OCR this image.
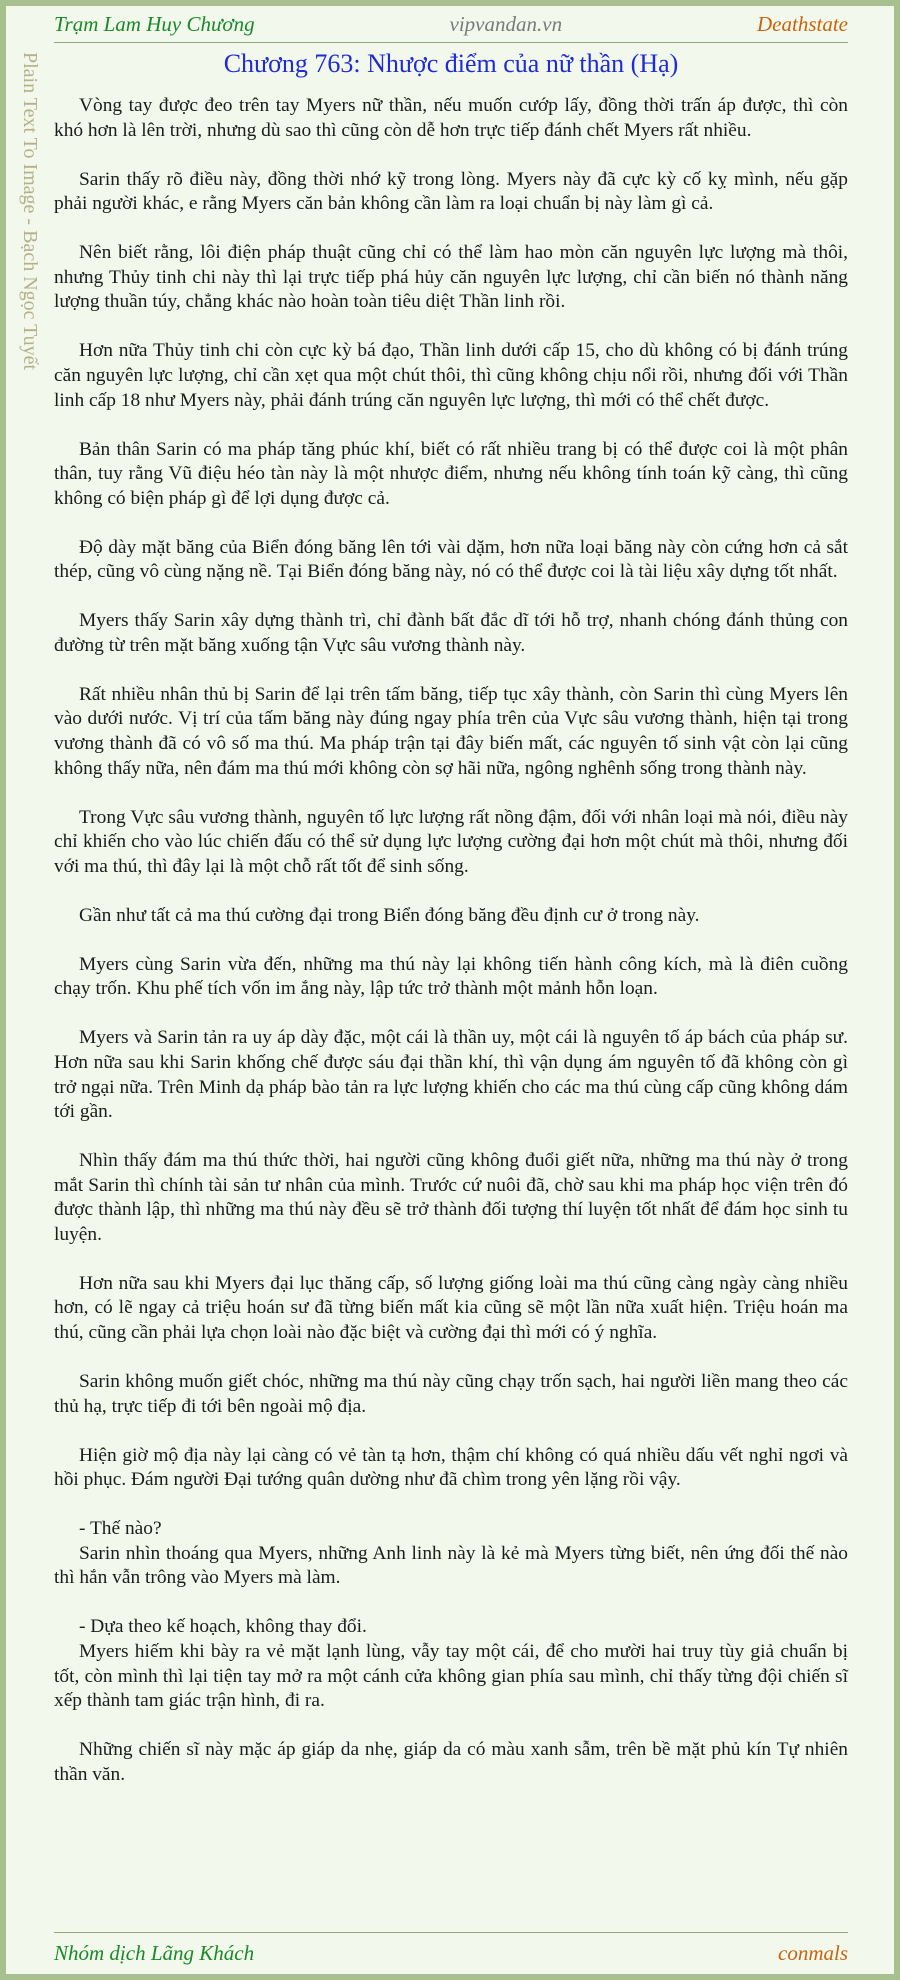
Plain Text To Image - Bạch Ngọc Tuyết
Trạm Lam Huy Chương	vipvandan.vn	Deathstate
Chương 763: Nhược điểm của nữ thần (Hạ)

Vòng tay được đeo trên tay Myers nữ thần, nếu muốn cướp lấy, đồng thời trấn áp được, thì còn khó hơn là lên trời, nhưng dù sao thì cũng còn dễ hơn trực tiếp đánh chết Myers rất nhiều.

Sarin thấy rõ điều này, đồng thời nhớ kỹ trong lòng. Myers này đã cực kỳ cố kỵ mình, nếu gặp phải người khác, e rằng Myers căn bản không cần làm ra loại chuẩn bị này làm gì cả.

Nên biết rằng, lôi điện pháp thuật cũng chỉ có thể làm hao mòn căn nguyên lực lượng mà thôi, nhưng Thủy tinh chi này thì lại trực tiếp phá hủy căn nguyên lực lượng, chỉ cần biến nó thành năng lượng thuần túy, chẳng khác nào hoàn toàn tiêu diệt Thần linh rồi.

Hơn nữa Thủy tinh chi còn cực kỳ bá đạo, Thần linh dưới cấp 15, cho dù không có bị đánh trúng căn nguyên lực lượng, chỉ cần xẹt qua một chút thôi, thì cũng không chịu nổi rồi, nhưng đối với Thần linh cấp 18 như Myers này, phải đánh trúng căn nguyên lực lượng, thì mới có thể chết được.

Bản thân Sarin có ma pháp tăng phúc khí, biết có rất nhiều trang bị có thể được coi là một phân thân, tuy rằng Vũ điệu héo tàn này là một nhược điểm, nhưng nếu không tính toán kỹ càng, thì cũng không có biện pháp gì để lợi dụng được cả.

Độ dày mặt băng của Biển đóng băng lên tới vài dặm, hơn nữa loại băng này còn cứng hơn cả sắt thép, cũng vô cùng nặng nề. Tại Biển đóng băng này, nó có thể được coi là tài liệu xây dựng tốt nhất.

Myers thấy Sarin xây dựng thành trì, chỉ đành bất đắc dĩ tới hỗ trợ, nhanh chóng đánh thủng con đường từ trên mặt băng xuống tận Vực sâu vương thành này.

Rất nhiều nhân thủ bị Sarin để lại trên tấm băng, tiếp tục xây thành, còn Sarin thì cùng Myers lên vào dưới nước. Vị trí của tấm băng này đúng ngay phía trên của Vực sâu vương thành, hiện tại trong vương thành đã có vô số ma thú. Ma pháp trận tại đây biến mất, các nguyên tố sinh vật còn lại cũng không thấy nữa, nên đám ma thú mới không còn sợ hãi nữa, ngông nghênh sống trong thành này.

Trong Vực sâu vương thành, nguyên tố lực lượng rất nồng đậm, đối với nhân loại mà nói, điều này chỉ khiến cho vào lúc chiến đấu có thể sử dụng lực lượng cường đại hơn một chút mà thôi, nhưng đối với ma thú, thì đây lại là một chỗ rất tốt để sinh sống.

Gần như tất cả ma thú cường đại trong Biển đóng băng đều định cư ở trong này.

Myers cùng Sarin vừa đến, những ma thú này lại không tiến hành công kích, mà là điên cuồng chạy trốn. Khu phế tích vốn im ắng này, lập tức trở thành một mảnh hỗn loạn.

Myers và Sarin tản ra uy áp dày đặc, một cái là thần uy, một cái là nguyên tố áp bách của pháp sư. Hơn nữa sau khi Sarin khống chế được sáu đại thần khí, thì vận dụng ám nguyên tố đã không còn gì trở ngại nữa. Trên Minh dạ pháp bào tản ra lực lượng khiến cho các ma thú cùng cấp cũng không dám tới gần.

Nhìn thấy đám ma thú thức thời, hai người cũng không đuổi giết nữa, những ma thú này ở trong mắt Sarin thì chính tài sản tư nhân của mình. Trước cứ nuôi đã, chờ sau khi ma pháp học viện trên đó được thành lập, thì những ma thú này đều sẽ trở thành đối tượng thí luyện tốt nhất để đám học sinh tu luyện.

Hơn nữa sau khi Myers đại lục thăng cấp, số lượng giống loài ma thú cũng càng ngày càng nhiều hơn, có lẽ ngay cả triệu hoán sư đã từng biến mất kia cũng sẽ một lần nữa xuất hiện. Triệu hoán ma thú, cũng cần phải lựa chọn loài nào đặc biệt và cường đại thì mới có ý nghĩa.

Sarin không muốn giết chóc, những ma thú này cũng chạy trốn sạch, hai người liền mang theo các thủ hạ, trực tiếp đi tới bên ngoài mộ địa.

Hiện giờ mộ địa này lại càng có vẻ tàn tạ hơn, thậm chí không có quá nhiều dấu vết nghỉ ngơi và hồi phục. Đám người Đại tướng quân dường như đã chìm trong yên lặng rồi vậy.

- Thế nào?

Sarin nhìn thoáng qua Myers, những Anh linh này là kẻ mà Myers từng biết, nên ứng đối thế nào thì hắn vẫn trông vào Myers mà làm.

- Dựa theo kế hoạch, không thay đổi.

Myers hiếm khi bày ra vẻ mặt lạnh lùng, vẫy tay một cái, để cho mười hai truy tùy giả chuẩn bị tốt, còn mình thì lại tiện tay mở ra một cánh cửa không gian phía sau mình, chỉ thấy từng đội chiến sĩ xếp thành tam giác trận hình, đi ra.

Những chiến sĩ này mặc áp giáp da nhẹ, giáp da có màu xanh sẫm, trên bề mặt phủ kín Tự nhiên thần văn.

Nhóm dịch Lãng Khách	conmals
